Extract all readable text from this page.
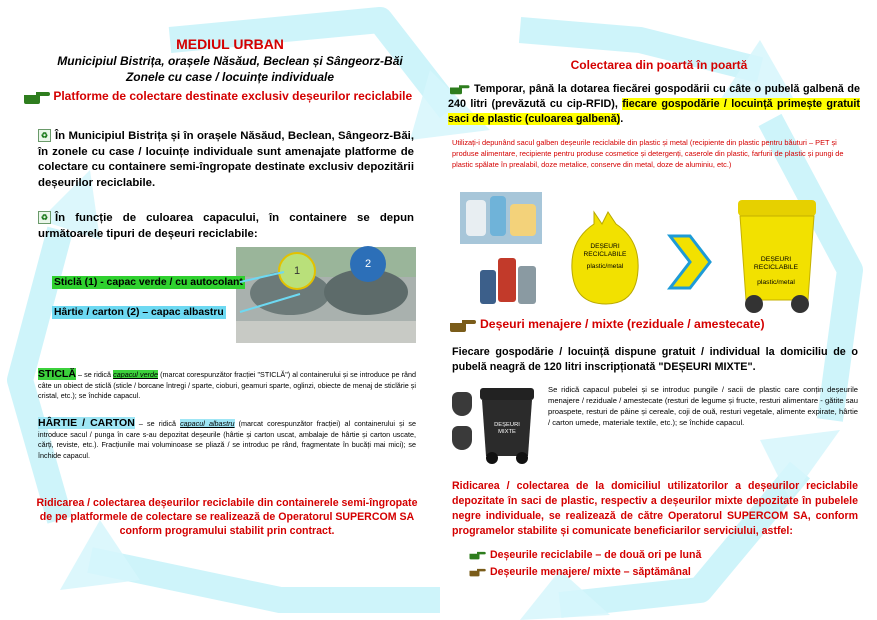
MEDIUL URBAN
Municipiul Bistrița, orașele Năsăud, Beclean și Sângeorz-Băi
Zonele cu case / locuințe individuale
Platforme de colectare destinate exclusiv deșeurilor reciclabile
♻ În Municipiul Bistrița și în orașele Năsăud, Beclean, Sângeorz-Băi, în zonele cu case / locuințe individuale sunt amenajate platforme de colectare cu containere semi-îngropate destinate exclusiv depozitării deșeurilor reciclabile.
♻ În funcție de culoarea capacului, în containere se depun următoarele tipuri de deșeuri reciclabile:
1
2
Sticlă (1) - capac verde / cu autocolant
Hârtie / carton (2) – capac albastru
STICLĂ – se ridică capacul verde (marcat corespunzător fracției "STICLĂ") al containerului și se introduce pe rând câte un obiect de sticlă (sticle / borcane întregi / sparte, cioburi, geamuri sparte, oglinzi, obiecte de menaj de sticlărie și cristal, etc.); se închide capacul.
HÂRTIE / CARTON – se ridică capacul albastru (marcat corespunzător fracției) al containerului și se introduce sacul / punga în care s-au depozitat deșeurile (hârtie și carton uscat, ambalaje de hârtie și carton uscate, cărți, reviste, etc.). Fracțiunile mai voluminoase se pliază / se introduc pe rând, fragmentate în bucăți mai mici); se închide capacul.
Ridicarea / colectarea deșeurilor reciclabile din containerele semi-îngropate de pe platformele de colectare se realizează de Operatorul SUPERCOM SA conform programului stabilit prin contract.
Colectarea din poartă în poartă
Temporar, până la dotarea fiecărei gospodării cu câte o pubelă galbenă de 240 litri (prevăzută cu cip-RFID), fiecare gospodărie / locuință primește gratuit saci de plastic (culoarea galbenă).
Utilizați-i depunând sacul galben deșeurile reciclabile din plastic și metal (recipiente din plastic pentru băuturi – PET și produse alimentare, recipiente pentru produse cosmetice și detergenți, caserole din plastic, farfurii de plastic și pungi de plastic spălate în prealabil, doze metalice, conserve din metal, doze de aluminiu, etc.)
DEȘEURI
RECICLABILE
plastic/metal
DEȘEURI
RECICLABILE
plastic/metal
Deșeuri menajere / mixte (reziduale / amestecate)
Fiecare gospodărie / locuință dispune gratuit / individual la domiciliu de o pubelă neagră de 120 litri inscripționată "DEȘEURI MIXTE".
DEȘEURI
MIXTE
Se ridică capacul pubelei și se introduc pungile / sacii de plastic care conțin deșeurile menajere / reziduale / amestecate (resturi de legume și fructe, resturi alimentare - gătite sau proaspete, resturi de pâine și cereale, coji de ouă, resturi vegetale, alimente expirate, hârtie / carton umede, materiale textile, etc.); se închide capacul.
Ridicarea / colectarea de la domiciliul utilizatorilor a deșeurilor reciclabile depozitate în saci de plastic, respectiv a deșeurilor mixte depozitate în pubelele negre individuale, se realizează de către Operatorul SUPERCOM SA, conform programelor stabilite și comunicate beneficiarilor serviciului, astfel:
Deșeurile reciclabile – de două ori pe lună
Deșeurile menajere/ mixte – săptămânal
